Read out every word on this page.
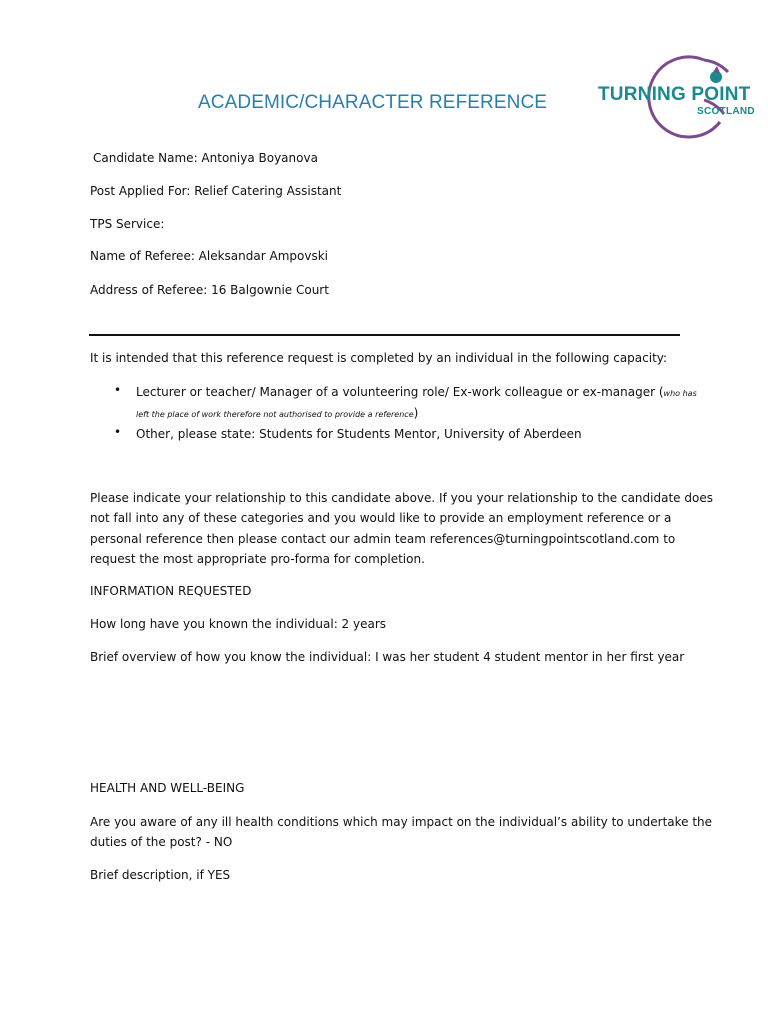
ACADEMIC/CHARACTER REFERENCE	TURNING POINT
SCOTLAND
Candidate Name: Antoniya Boyanova
Post Applied For: Relief Catering Assistant
TPS Service:
Name of Referee: Aleksandar Ampovski
Address of Referee: 16 Balgownie Court
It is intended that this reference request is completed by an individual in the following capacity:
• Lecturer or teacher/ Manager of a volunteering role/ Ex-work colleague or ex-manager (who has
left the place of work therefore not authorised to provide a reference)
• Other, please state: Students for Students Mentor, University of Aberdeen
Please indicate your relationship to this candidate above. If you your relationship to the candidate does
not fall into any of these categories and you would like to provide an employment reference or a
personal reference then please contact our admin team references@turningpointscotland.com to
request the most appropriate pro-forma for completion.
INFORMATION REQUESTED
How long have you known the individual: 2 years
Brief overview of how you know the individual: I was her student 4 student mentor in her first year
HEALTH AND WELL-BEING
Are you aware of any ill health conditions which may impact on the individual’s ability to undertake the
duties of the post? - NO
Brief description, if YES
